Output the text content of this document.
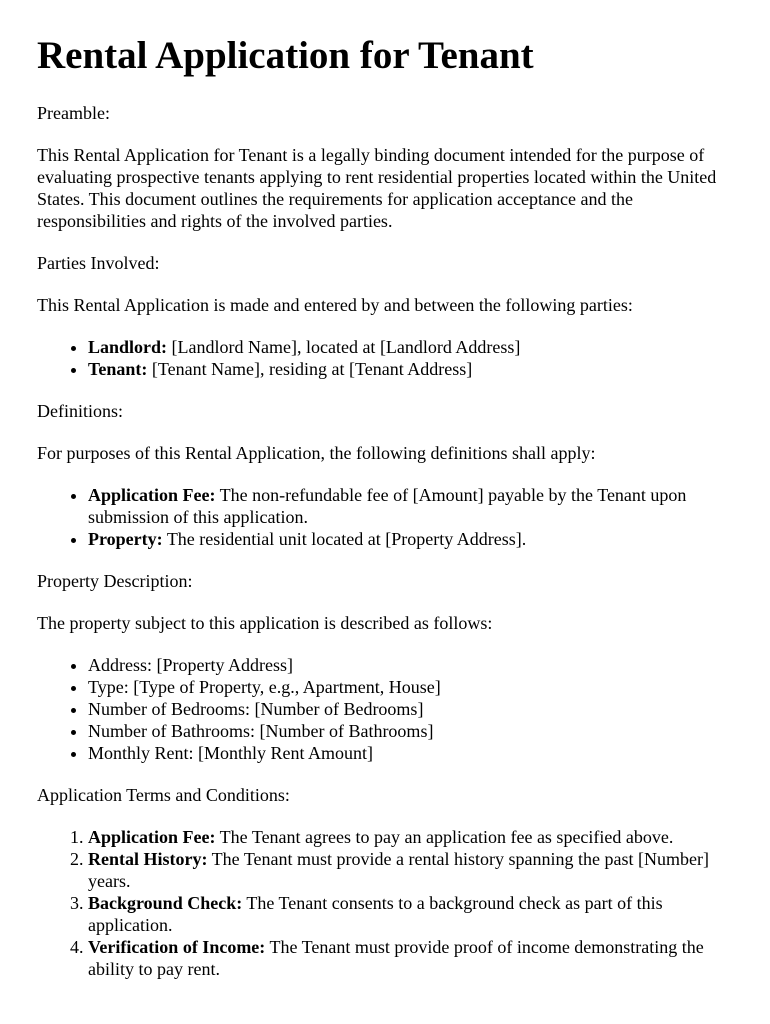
Rental Application for Tenant

Preamble:

This Rental Application for Tenant is a legally binding document intended for the purpose of evaluating prospective tenants applying to rent residential properties located within the United States. This document outlines the requirements for application acceptance and the responsibilities and rights of the involved parties.

Parties Involved:

This Rental Application is made and entered by and between the following parties:

• Landlord: [Landlord Name], located at [Landlord Address]
• Tenant: [Tenant Name], residing at [Tenant Address]

Definitions:

For purposes of this Rental Application, the following definitions shall apply:

• Application Fee: The non-refundable fee of [Amount] payable by the Tenant upon submission of this application.
• Property: The residential unit located at [Property Address].

Property Description:

The property subject to this application is described as follows:

• Address: [Property Address]
• Type: [Type of Property, e.g., Apartment, House]
• Number of Bedrooms: [Number of Bedrooms]
• Number of Bathrooms: [Number of Bathrooms]
• Monthly Rent: [Monthly Rent Amount]

Application Terms and Conditions:

1. Application Fee: The Tenant agrees to pay an application fee as specified above.
2. Rental History: The Tenant must provide a rental history spanning the past [Number] years.
3. Background Check: The Tenant consents to a background check as part of this application.
4. Verification of Income: The Tenant must provide proof of income demonstrating the ability to pay rent.
